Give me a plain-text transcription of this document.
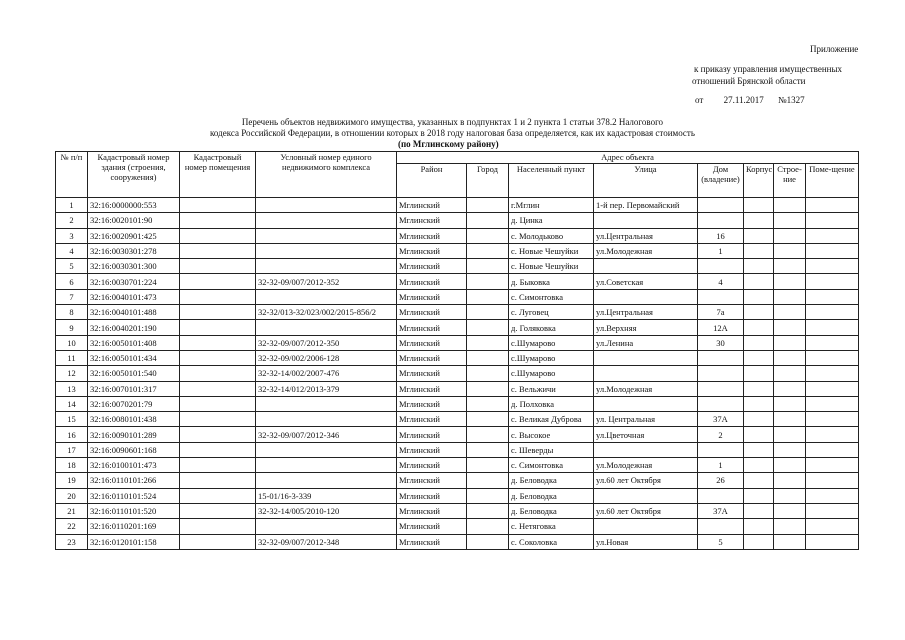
Приложение
к приказу управления имущественных
отношений Брянской области
от 27.11.2017 №1327
Перечень объектов недвижимого имущества, указанных в подпунктах 1 и 2 пункта 1 статьи 378.2 Налогового
кодекса Российской Федерации, в отношении которых в 2018 году налоговая база определяется, как их кадастровая стоимость
(по Мглинскому району)
№ п/п	Кадастровый номер здания (строения, сооружения)	Кадастровый номер помещения	Условный номер единого недвижимого комплекса	Адрес объекта							
				Район	Город	Населенный пункт	Улица	Дом (владение)	Корпус	Строе-ние	Поме-щение
1	32:16:0000000:553			Мглинский		г.Мглин	1-й пер. Первомайский				
2	32:16:0020101:90			Мглинский		д. Цинка					
3	32:16:0020901:425			Мглинский		с. Молодьково	ул.Центральная	16			
4	32:16:0030301:278			Мглинский		с. Новые Чешуйки	ул.Молодежная	1			
5	32:16:0030301:300			Мглинский		с. Новые Чешуйки					
6	32:16:0030701:224		32-32-09/007/2012-352	Мглинский		д. Быковка	ул.Советская	4			
7	32:16:0040101:473			Мглинский		с. Симонтовка					
8	32:16:0040101:488		32-32/013-32/023/002/2015-856/2	Мглинский		с. Луговец	ул.Центральная	7а			
9	32:16:0040201:190			Мглинский		д. Голяковка	ул.Верхняя	12А			
10	32:16:0050101:408		32-32-09/007/2012-350	Мглинский		с.Шумарово	ул.Ленина	30			
11	32:16:0050101:434		32-32-09/002/2006-128	Мглинский		с.Шумарово					
12	32:16:0050101:540		32-32-14/002/2007-476	Мглинский		с.Шумарово					
13	32:16:0070101:317		32-32-14/012/2013-379	Мглинский		с. Вельжичи	ул.Молодежная				
14	32:16:0070201:79			Мглинский		д. Полховка					
15	32:16:0080101:438			Мглинский		с. Великая Дуброва	ул. Центральная	37А			
16	32:16:0090101:289		32-32-09/007/2012-346	Мглинский		с. Высокое	ул.Цветочная	2			
17	32:16:0090601:168			Мглинский		с. Шеверды					
18	32:16:0100101:473			Мглинский		с. Симонтовка	ул.Молодежная	1			
19	32:16:0110101:266			Мглинский		д. Беловодка	ул.60 лет Октября	26			
20	32:16:0110101:524		15-01/16-3-339	Мглинский		д. Беловодка					
21	32:16:0110101:520		32-32-14/005/2010-120	Мглинский		д. Беловодка	ул.60 лет Октября	37А			
22	32:16:0110201:169			Мглинский		с. Нетяговка					
23	32:16:0120101:158		32-32-09/007/2012-348	Мглинский		с. Соколовка	ул.Новая	5			
